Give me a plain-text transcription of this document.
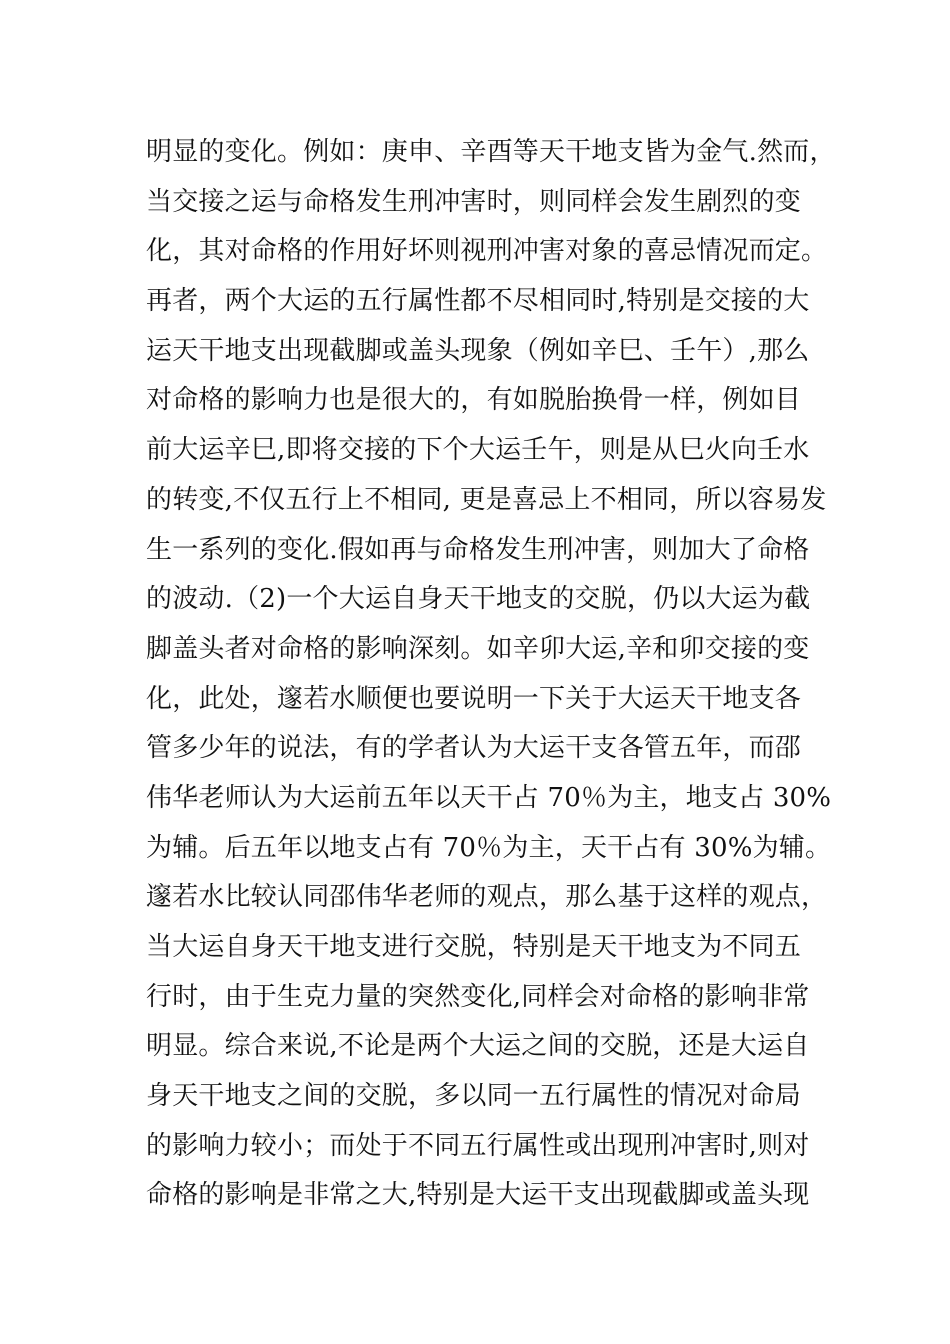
明显的变化。例如：庚申、辛酉等天干地支皆为金气.然而，
当交接之运与命格发生刑冲害时，则同样会发生剧烈的变
化，其对命格的作用好坏则视刑冲害对象的喜忌情况而定。
再者，两个大运的五行属性都不尽相同时,特别是交接的大
运天干地支出现截脚或盖头现象（例如辛巳、壬午）,那么
对命格的影响力也是很大的，有如脱胎换骨一样，例如目
前大运辛巳,即将交接的下个大运壬午，则是从巳火向壬水
的转变,不仅五行上不相同, 更是喜忌上不相同，所以容易发
生一系列的变化.假如再与命格发生刑冲害，则加大了命格
的波动.（2)一个大运自身天干地支的交脱，仍以大运为截
脚盖头者对命格的影响深刻。如辛卯大运,辛和卯交接的变
化，此处，邃若水顺便也要说明一下关于大运天干地支各
管多少年的说法，有的学者认为大运干支各管五年，而邵
伟华老师认为大运前五年以天干占 70％为主，地支占 30%
为辅。后五年以地支占有 70％为主，天干占有 30%为辅。
邃若水比较认同邵伟华老师的观点，那么基于这样的观点，
当大运自身天干地支进行交脱，特别是天干地支为不同五
行时，由于生克力量的突然变化,同样会对命格的影响非常
明显。综合来说,不论是两个大运之间的交脱，还是大运自
身天干地支之间的交脱，多以同一五行属性的情况对命局
的影响力较小；而处于不同五行属性或出现刑冲害时,则对
命格的影响是非常之大,特别是大运干支出现截脚或盖头现
